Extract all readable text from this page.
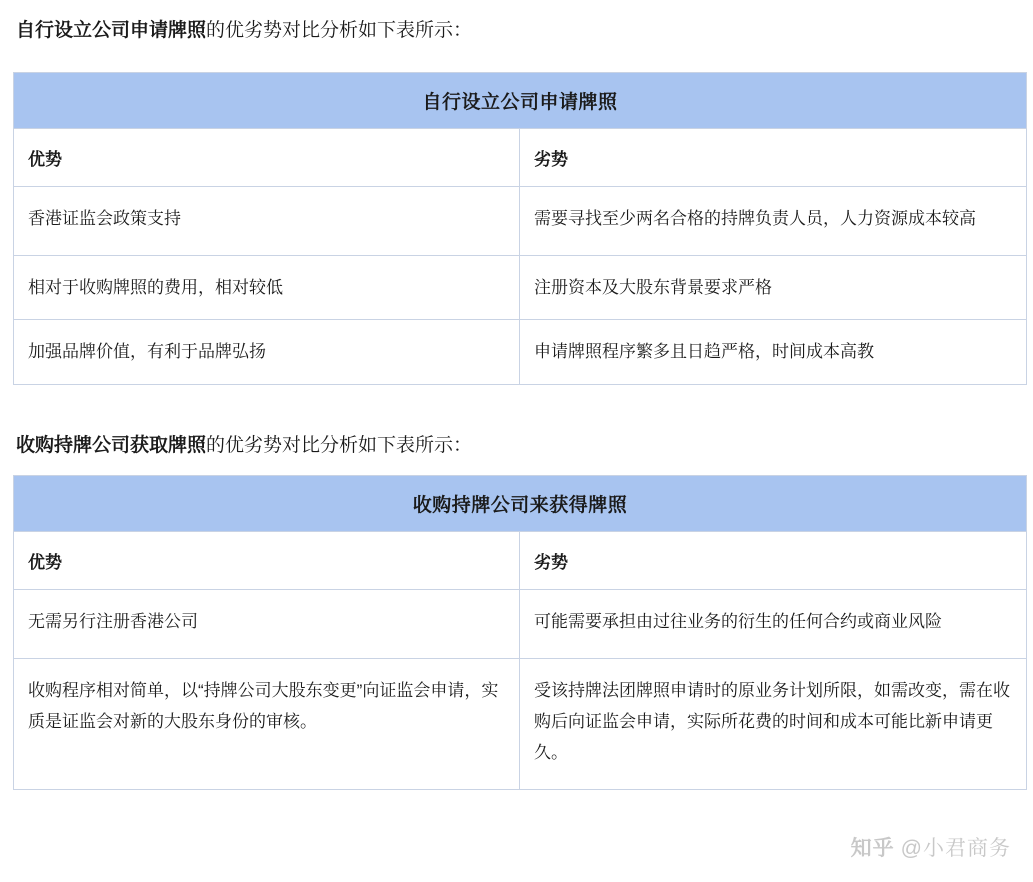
自行设立公司申请牌照的优劣势对比分析如下表所示：

自行设立公司申请牌照	
优势	劣势
香港证监会政策支持	需要寻找至少两名合格的持牌负责人员，人力资源成本较高
相对于收购牌照的费用，相对较低	注册资本及大股东背景要求严格
加强品牌价值，有利于品牌弘扬	申请牌照程序繁多且日趋严格，时间成本高教

收购持牌公司获取牌照的优劣势对比分析如下表所示：

收购持牌公司来获得牌照	
优势	劣势
无需另行注册香港公司	可能需要承担由过往业务的衍生的任何合约或商业风险
收购程序相对简单，以“持牌公司大股东变更”向证监会申请，实质是证监会对新的大股东身份的审核。	受该持牌法团牌照申请时的原业务计划所限，如需改变，需在收购后向证监会申请，实际所花费的时间和成本可能比新申请更久。
知乎 @小君商务
